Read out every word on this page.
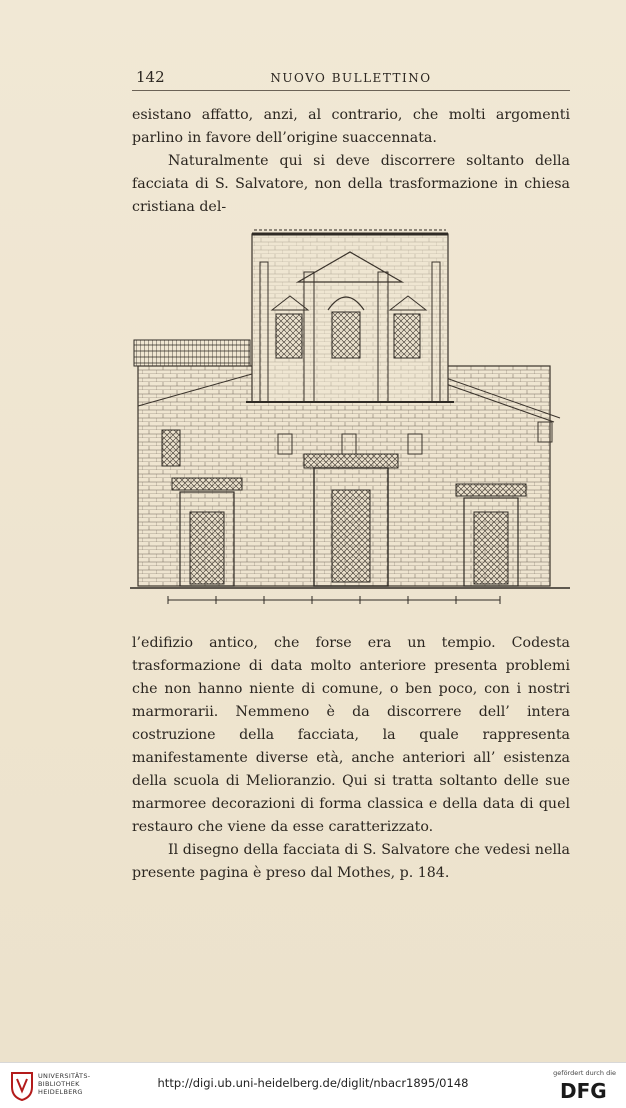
142	NUOVO BULLETTINO

esistano affatto, anzi, al contrario, che molti argomenti parlino in favore dell’origine suaccennata.

Naturalmente qui si deve discorrere soltanto della facciata di S. Salvatore, non della trasformazione in chiesa cristiana del-

l’edifizio antico, che forse era un tempio. Codesta trasformazione di data molto anteriore presenta problemi che non hanno niente di comune, o ben poco, con i nostri marmorarii. Nemmeno è da discorrere dell’ intera costruzione della facciata, la quale rappresenta manifestamente diverse età, anche anteriori all’ esistenza della scuola di Melioranzio. Qui si tratta soltanto delle sue marmoree decorazioni di forma classica e della data di quel restauro che viene da esse caratterizzato.

Il disegno della facciata di S. Salvatore che vedesi nella presente pagina è preso dal Mothes, p. 184.

UNIVERSITÄTS-
BIBLIOTHEK
HEIDELBERG
http://digi.ub.uni-heidelberg.de/diglit/nbacr1895/0148
gefördert durch die
DFG
